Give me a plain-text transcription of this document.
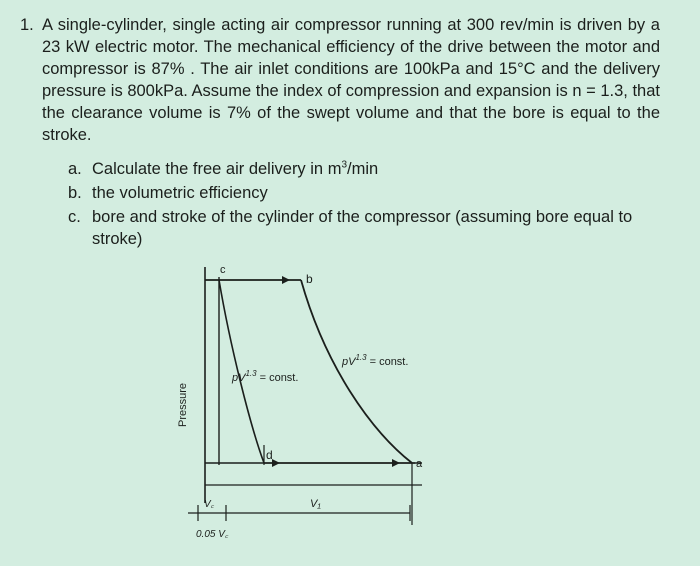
1. A single-cylinder, single acting air compressor running at 300 rev/min is driven by a 23 kW electric motor. The mechanical efficiency of the drive between the motor and compressor is 87% . The air inlet conditions are 100kPa and 15°C and the delivery pressure is 800kPa. Assume the index of compression and expansion is n = 1.3, that the clearance volume is 7% of the swept volume and that the bore is equal to the stroke.
a. Calculate the free air delivery in $m^3/\min$
b. the volumetric efficiency
c. bore and stroke of the cylinder of the compressor (assuming bore equal to stroke)
Pressure
c
b
d
a
$pV^{1.3}$ = const.
$pV^{1.3}$ = const.
V₁
V꜀
0.05 V꜀
